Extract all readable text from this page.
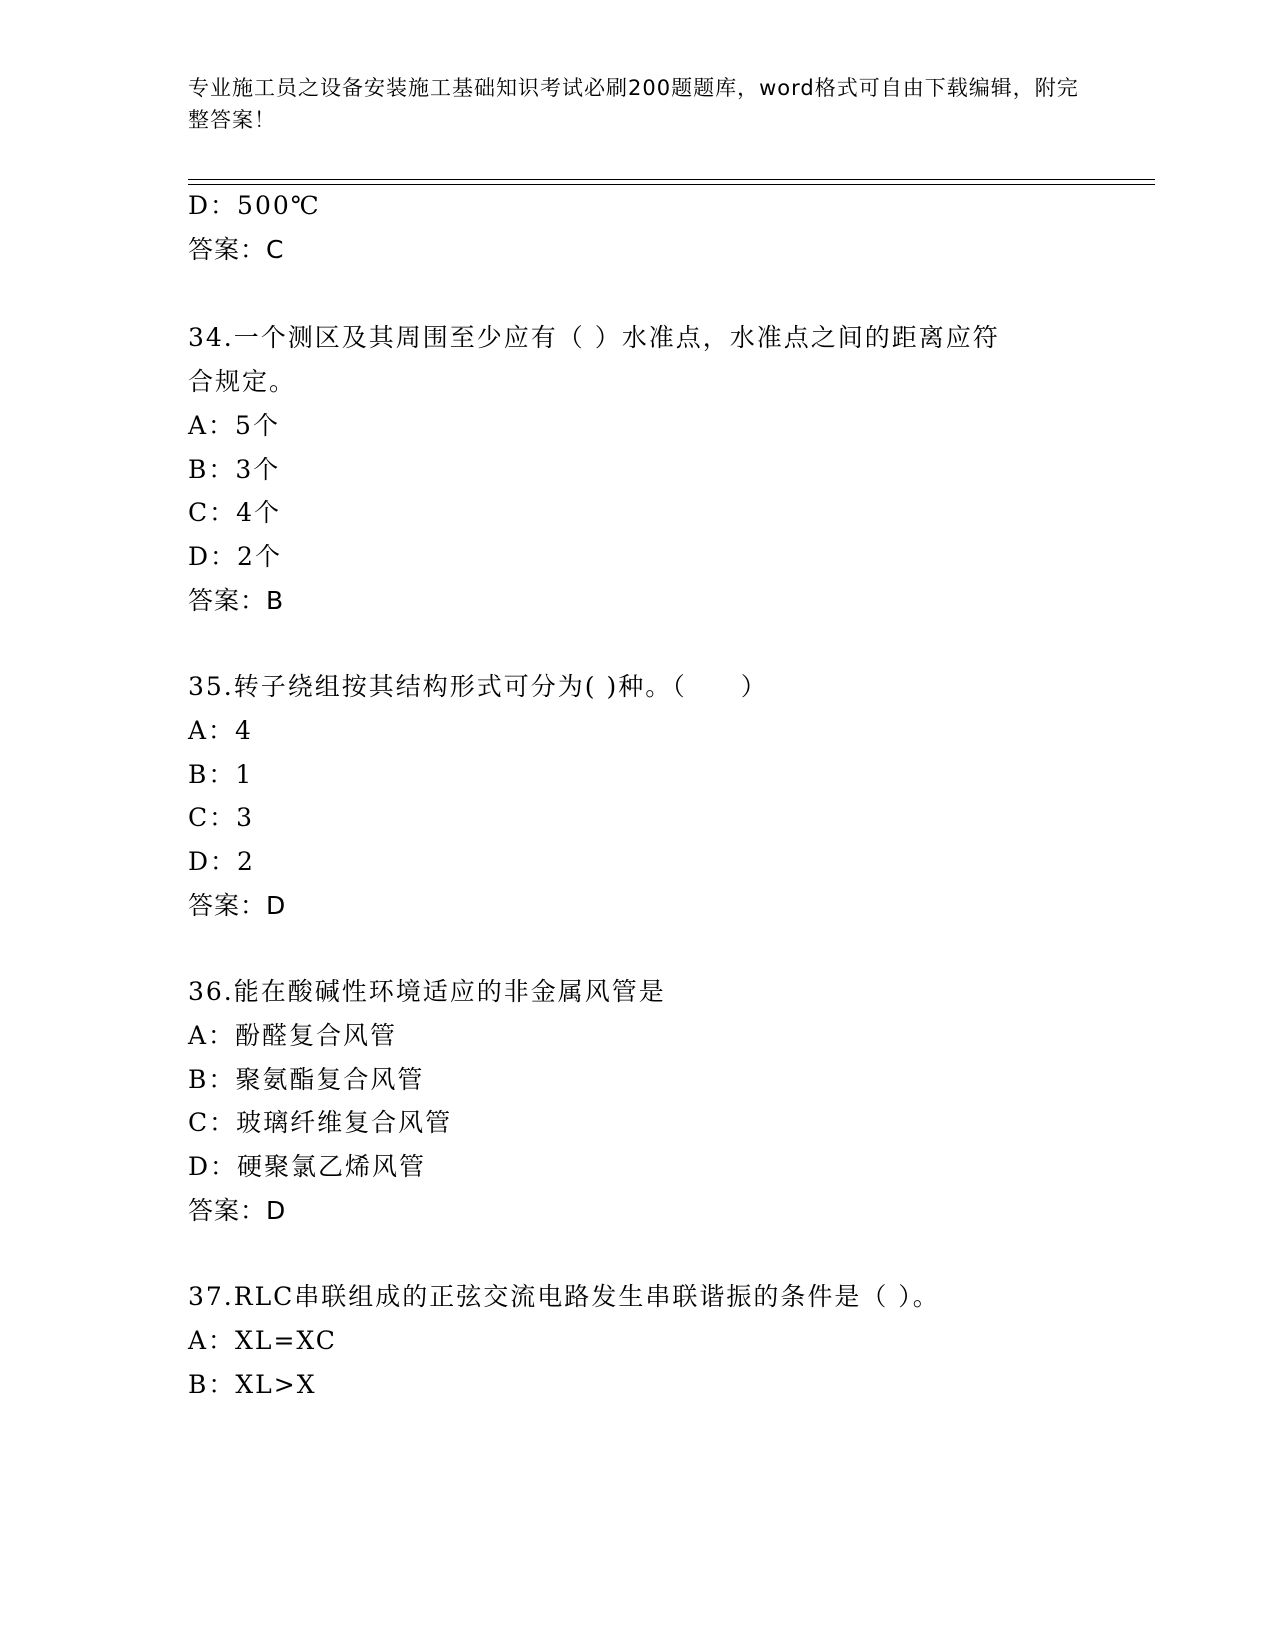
专业施工员之设备安装施工基础知识考试必刷200题题库，word格式可自由下载编辑，附完整答案！
D：500℃
答案：C
34.一个测区及其周围至少应有（ ）水准点，水准点之间的距离应符
合规定。
A：5个
B：3个
C：4个
D：2个
答案：B
35.转子绕组按其结构形式可分为( )种。（　　）
A：4
B：1
C：3
D：2
答案：D
36.能在酸碱性环境适应的非金属风管是
A：酚醛复合风管
B：聚氨酯复合风管
C：玻璃纤维复合风管
D：硬聚氯乙烯风管
答案：D
37.RLC串联组成的正弦交流电路发生串联谐振的条件是（ ）。
A：XL=XC
B：XL>X
